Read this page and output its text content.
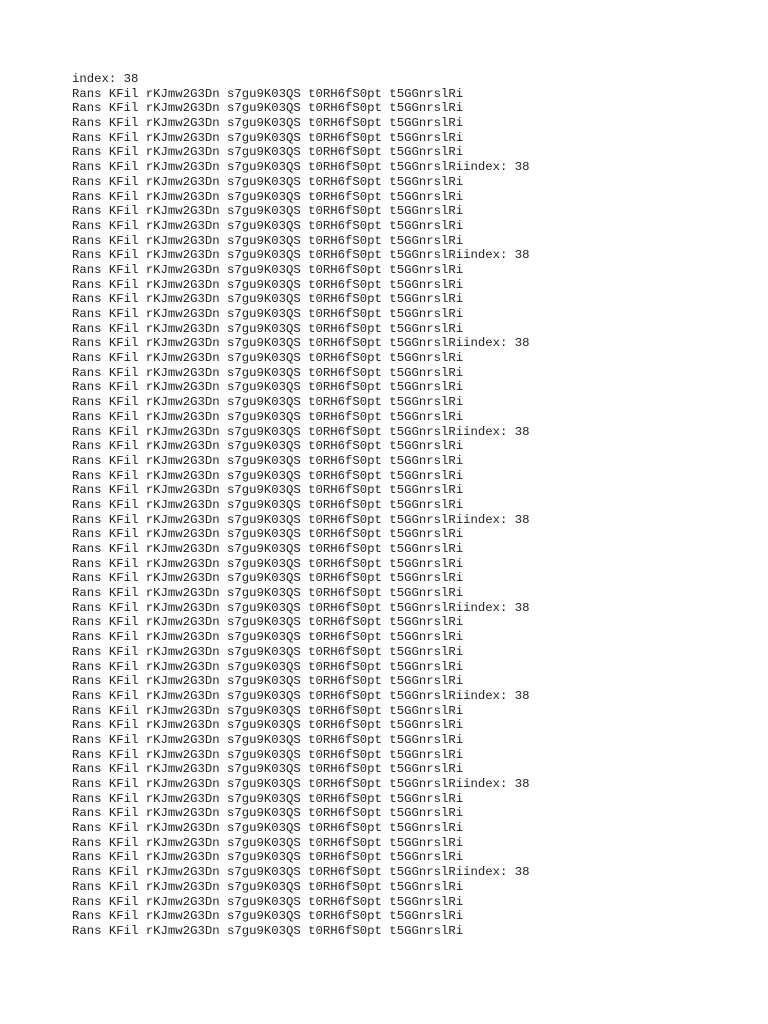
index: 38
Rans KFil rKJmw2G3Dn s7gu9K03QS t0RH6fS0pt t5GGnrslRi
Rans KFil rKJmw2G3Dn s7gu9K03QS t0RH6fS0pt t5GGnrslRi
Rans KFil rKJmw2G3Dn s7gu9K03QS t0RH6fS0pt t5GGnrslRi
Rans KFil rKJmw2G3Dn s7gu9K03QS t0RH6fS0pt t5GGnrslRi
Rans KFil rKJmw2G3Dn s7gu9K03QS t0RH6fS0pt t5GGnrslRi
Rans KFil rKJmw2G3Dn s7gu9K03QS t0RH6fS0pt t5GGnrslRiindex: 38
Rans KFil rKJmw2G3Dn s7gu9K03QS t0RH6fS0pt t5GGnrslRi
Rans KFil rKJmw2G3Dn s7gu9K03QS t0RH6fS0pt t5GGnrslRi
Rans KFil rKJmw2G3Dn s7gu9K03QS t0RH6fS0pt t5GGnrslRi
Rans KFil rKJmw2G3Dn s7gu9K03QS t0RH6fS0pt t5GGnrslRi
Rans KFil rKJmw2G3Dn s7gu9K03QS t0RH6fS0pt t5GGnrslRi
Rans KFil rKJmw2G3Dn s7gu9K03QS t0RH6fS0pt t5GGnrslRiindex: 38
Rans KFil rKJmw2G3Dn s7gu9K03QS t0RH6fS0pt t5GGnrslRi
Rans KFil rKJmw2G3Dn s7gu9K03QS t0RH6fS0pt t5GGnrslRi
Rans KFil rKJmw2G3Dn s7gu9K03QS t0RH6fS0pt t5GGnrslRi
Rans KFil rKJmw2G3Dn s7gu9K03QS t0RH6fS0pt t5GGnrslRi
Rans KFil rKJmw2G3Dn s7gu9K03QS t0RH6fS0pt t5GGnrslRi
Rans KFil rKJmw2G3Dn s7gu9K03QS t0RH6fS0pt t5GGnrslRiindex: 38
Rans KFil rKJmw2G3Dn s7gu9K03QS t0RH6fS0pt t5GGnrslRi
Rans KFil rKJmw2G3Dn s7gu9K03QS t0RH6fS0pt t5GGnrslRi
Rans KFil rKJmw2G3Dn s7gu9K03QS t0RH6fS0pt t5GGnrslRi
Rans KFil rKJmw2G3Dn s7gu9K03QS t0RH6fS0pt t5GGnrslRi
Rans KFil rKJmw2G3Dn s7gu9K03QS t0RH6fS0pt t5GGnrslRi
Rans KFil rKJmw2G3Dn s7gu9K03QS t0RH6fS0pt t5GGnrslRiindex: 38
Rans KFil rKJmw2G3Dn s7gu9K03QS t0RH6fS0pt t5GGnrslRi
Rans KFil rKJmw2G3Dn s7gu9K03QS t0RH6fS0pt t5GGnrslRi
Rans KFil rKJmw2G3Dn s7gu9K03QS t0RH6fS0pt t5GGnrslRi
Rans KFil rKJmw2G3Dn s7gu9K03QS t0RH6fS0pt t5GGnrslRi
Rans KFil rKJmw2G3Dn s7gu9K03QS t0RH6fS0pt t5GGnrslRi
Rans KFil rKJmw2G3Dn s7gu9K03QS t0RH6fS0pt t5GGnrslRiindex: 38
Rans KFil rKJmw2G3Dn s7gu9K03QS t0RH6fS0pt t5GGnrslRi
Rans KFil rKJmw2G3Dn s7gu9K03QS t0RH6fS0pt t5GGnrslRi
Rans KFil rKJmw2G3Dn s7gu9K03QS t0RH6fS0pt t5GGnrslRi
Rans KFil rKJmw2G3Dn s7gu9K03QS t0RH6fS0pt t5GGnrslRi
Rans KFil rKJmw2G3Dn s7gu9K03QS t0RH6fS0pt t5GGnrslRi
Rans KFil rKJmw2G3Dn s7gu9K03QS t0RH6fS0pt t5GGnrslRiindex: 38
Rans KFil rKJmw2G3Dn s7gu9K03QS t0RH6fS0pt t5GGnrslRi
Rans KFil rKJmw2G3Dn s7gu9K03QS t0RH6fS0pt t5GGnrslRi
Rans KFil rKJmw2G3Dn s7gu9K03QS t0RH6fS0pt t5GGnrslRi
Rans KFil rKJmw2G3Dn s7gu9K03QS t0RH6fS0pt t5GGnrslRi
Rans KFil rKJmw2G3Dn s7gu9K03QS t0RH6fS0pt t5GGnrslRi
Rans KFil rKJmw2G3Dn s7gu9K03QS t0RH6fS0pt t5GGnrslRiindex: 38
Rans KFil rKJmw2G3Dn s7gu9K03QS t0RH6fS0pt t5GGnrslRi
Rans KFil rKJmw2G3Dn s7gu9K03QS t0RH6fS0pt t5GGnrslRi
Rans KFil rKJmw2G3Dn s7gu9K03QS t0RH6fS0pt t5GGnrslRi
Rans KFil rKJmw2G3Dn s7gu9K03QS t0RH6fS0pt t5GGnrslRi
Rans KFil rKJmw2G3Dn s7gu9K03QS t0RH6fS0pt t5GGnrslRi
Rans KFil rKJmw2G3Dn s7gu9K03QS t0RH6fS0pt t5GGnrslRiindex: 38
Rans KFil rKJmw2G3Dn s7gu9K03QS t0RH6fS0pt t5GGnrslRi
Rans KFil rKJmw2G3Dn s7gu9K03QS t0RH6fS0pt t5GGnrslRi
Rans KFil rKJmw2G3Dn s7gu9K03QS t0RH6fS0pt t5GGnrslRi
Rans KFil rKJmw2G3Dn s7gu9K03QS t0RH6fS0pt t5GGnrslRi
Rans KFil rKJmw2G3Dn s7gu9K03QS t0RH6fS0pt t5GGnrslRi
Rans KFil rKJmw2G3Dn s7gu9K03QS t0RH6fS0pt t5GGnrslRiindex: 38
Rans KFil rKJmw2G3Dn s7gu9K03QS t0RH6fS0pt t5GGnrslRi
Rans KFil rKJmw2G3Dn s7gu9K03QS t0RH6fS0pt t5GGnrslRi
Rans KFil rKJmw2G3Dn s7gu9K03QS t0RH6fS0pt t5GGnrslRi
Rans KFil rKJmw2G3Dn s7gu9K03QS t0RH6fS0pt t5GGnrslRi
